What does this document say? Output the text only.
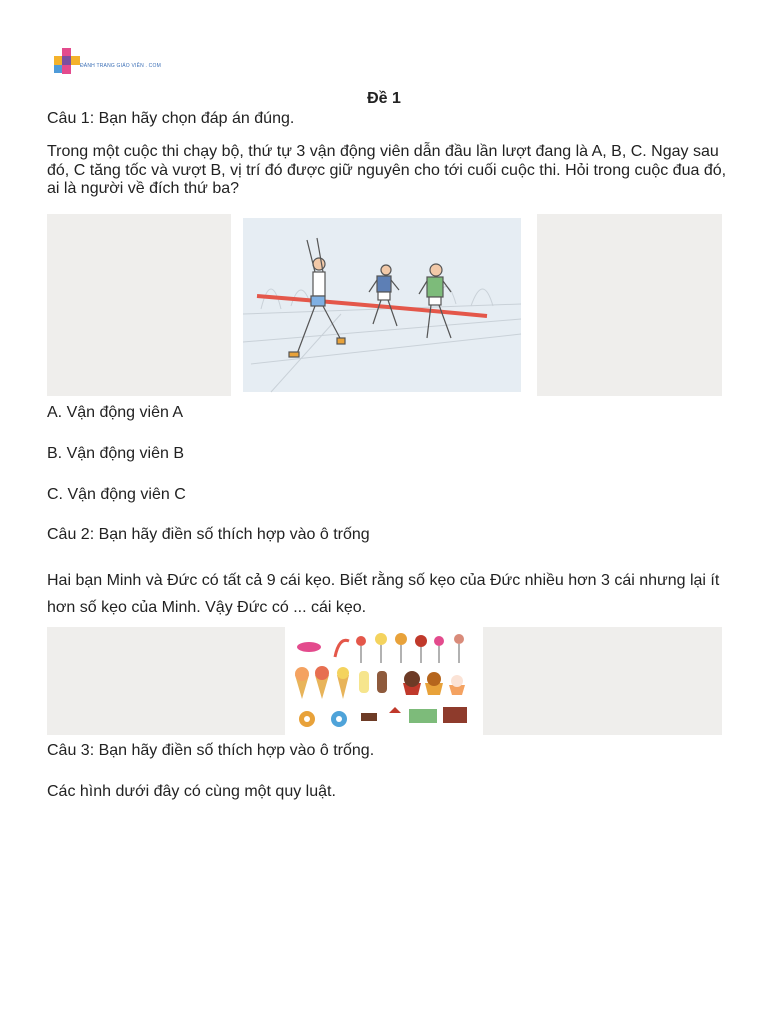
ĐÁNH TRANG GIÁO VIÊN . COM
Đề 1

Câu 1: Bạn hãy chọn đáp án đúng.

Trong một cuộc thi chạy bộ, thứ tự 3 vận động viên dẫn đầu lần lượt đang là A, B, C. Ngay sau đó, C tăng tốc và vượt B, vị trí đó được giữ nguyên cho tới cuối cuộc thi. Hỏi trong cuộc đua đó, ai là người về đích thứ ba?

A. Vận động viên A

B. Vận động viên B

C. Vận động viên C

Câu 2: Bạn hãy điền số thích hợp vào ô trống

Hai bạn Minh và Đức có tất cả 9 cái kẹo. Biết rằng số kẹo của Đức nhiều hơn 3 cái nhưng lại ít hơn số kẹo của Minh. Vậy Đức có ... cái kẹo.

Câu 3: Bạn hãy điền số thích hợp vào ô trống.

Các hình dưới đây có cùng một quy luật.
